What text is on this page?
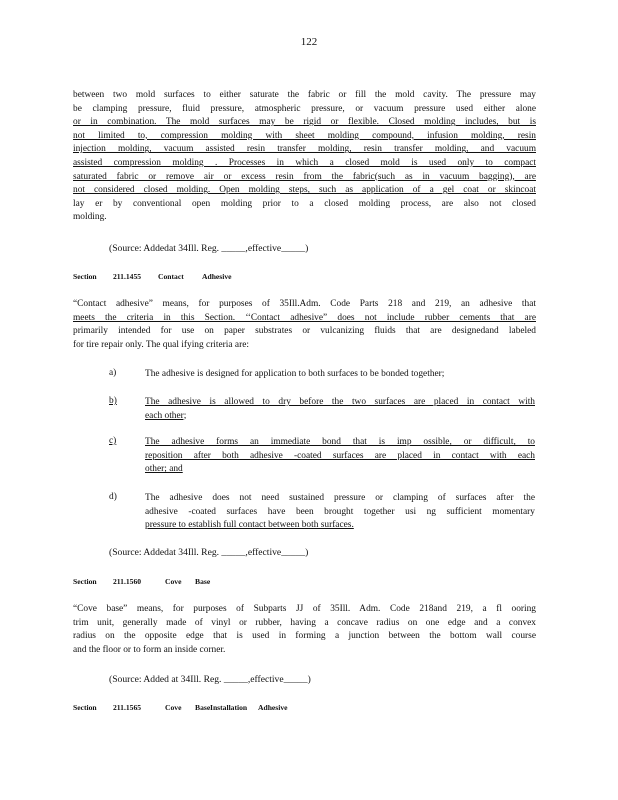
122
between two mold surfaces to either saturate the fabric or fill the mold cavity. The pressure may
be clamping pressure, fluid pressure, atmospheric pressure, or vacuum pressure used either alone
or in combination. The mold surfaces may be rigid or flexible. Closed molding includes, but is
not limited to, compression molding with sheet molding compound, infusion molding, resin
injection molding, vacuum assisted resin transfer molding, resin transfer molding, and vacuum
assisted compression molding . Processes in which a closed mold is used only to compact
saturated fabric or remove air or excess resin from the fabric(such as in vacuum bagging), are
not considered closed molding. Open molding steps, such as application of a gel coat or skincoat
lay er by conventional open molding prior to a closed molding process, are also not closed
molding.
(Source: Addedat 34Ill. Reg. _____,effective_____)
Section 211.1455 Contact Adhesive
“Contact adhesive” means, for purposes of 35Ill.Adm. Code Parts 218 and 219, an adhesive that
meets the criteria in this Section. ‘‘Contact adhesive” does not include rubber cements that are
primarily intended for use on paper substrates or vulcanizing fluids that are designedand labeled
for tire repair only. The qual ifying criteria are:
a)	The adhesive is designed for application to both surfaces to be bonded together;
b)	The adhesive is allowed to dry before the two surfaces are placed in contact with
each other;
c)	The adhesive forms an immediate bond that is imp ossible, or difficult, to
reposition after both adhesive -coated surfaces are placed in contact with each
other; and
d)	The adhesive does not need sustained pressure or clamping of surfaces after the
adhesive -coated surfaces have been brought together usi ng sufficient momentary
pressure to establish full contact between both surfaces.
(Source: Addedat 34Ill. Reg. _____,effective_____)
Section 211.1560	Cove Base
“Cove base” means, for purposes of Subparts JJ of 35Ill. Adm. Code 218and 219, a fl ooring
trim unit, generally made of vinyl or rubber, having a concave radius on one edge and a convex
radius on the opposite edge that is used in forming a junction between the bottom wall course
and the floor or to form an inside corner.
(Source: Added at 34Ill. Reg. _____,effective_____)
Section 211.1565	Cove BaseInstallation Adhesive
